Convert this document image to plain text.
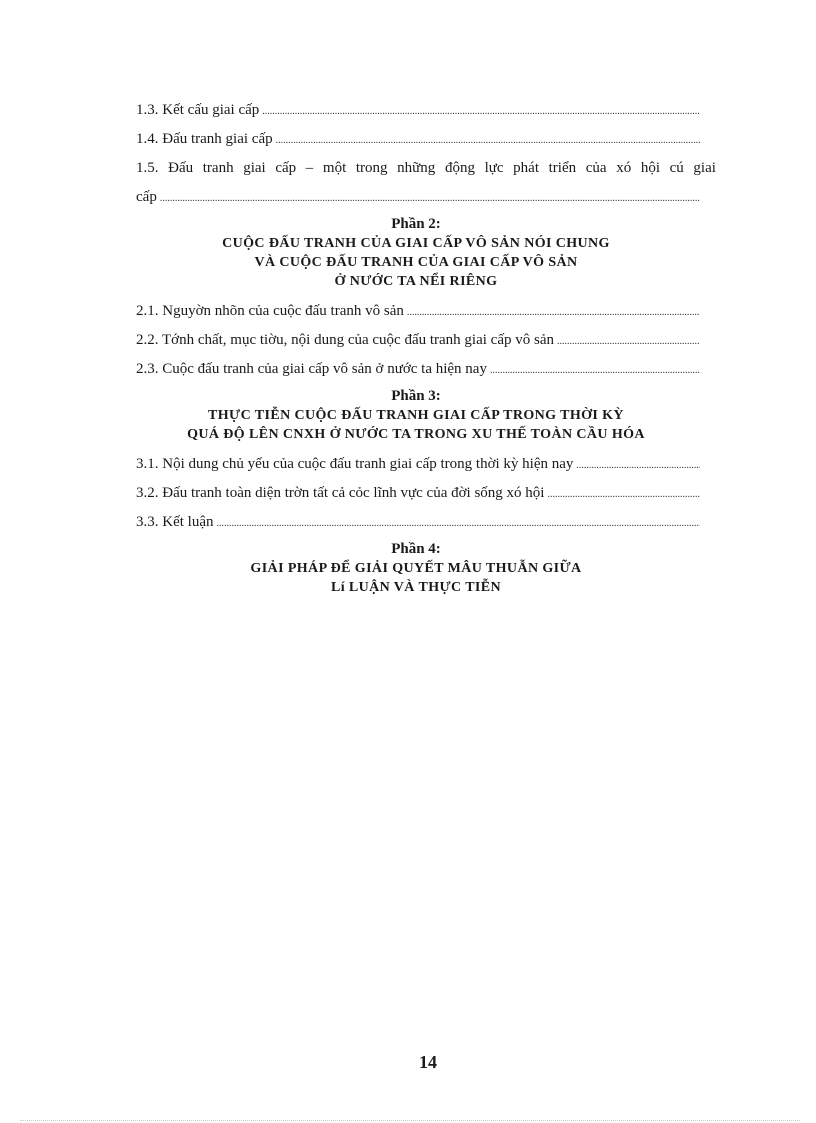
1.3. Kết cấu giai cấp
.....
1.4. Đấu tranh giai cấp
.....
1.5. Đấu tranh giai cấp – một trong những động lực phát triển của xó hội cú giai
cấp
.....
Phần 2:
CUỘC ĐẤU TRANH CỦA GIAI CẤP VÔ SẢN NÓI CHUNG
VÀ CUỘC ĐẤU TRANH CỦA GIAI CẤP VÔ SẢN
Ở NƯỚC TA NỂI RIÊNG
2.1. Nguyờn nhõn của cuộc đấu tranh vô sản
.....
2.2. Tớnh chất, mục tiờu, nội dung của cuộc đấu tranh giai cấp vô sản
.....
2.3. Cuộc đấu tranh của giai cấp vô sản ở nước ta hiện nay
.....
Phần 3:
THỰC TIỄN CUỘC ĐẤU TRANH GIAI CẤP TRONG THỜI KỲ
QUÁ ĐỘ LÊN CNXH Ở NƯỚC TA TRONG XU THẾ TOÀN CẦU HÓA
3.1. Nội dung chủ yếu của cuộc đấu tranh giai cấp trong thời kỳ hiện nay
.....
3.2. Đấu tranh toàn diện trờn tất cả cỏc lĩnh vực của đời sống xó hội
.....
3.3. Kết luận
.....
Phần 4:
GIẢI PHÁP ĐỂ GIẢI QUYẾT MÂU THUẪN GIỮA
Lí LUẬN VÀ THỰC TIỄN
14
